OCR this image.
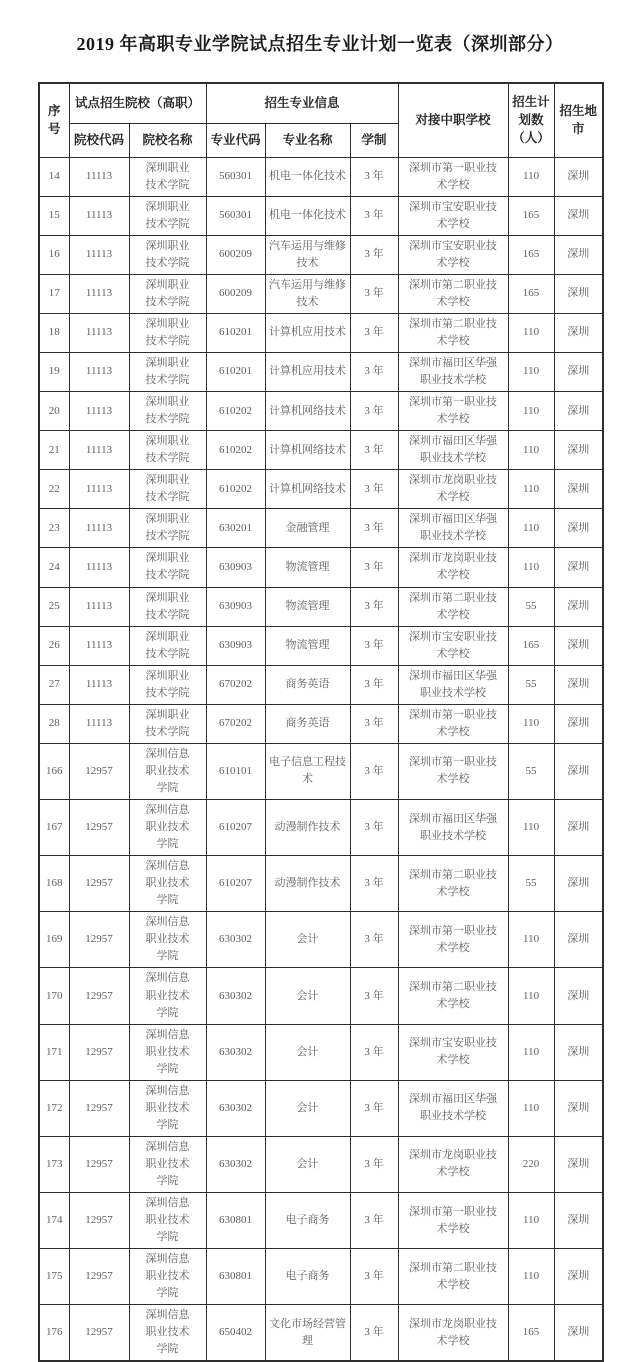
2019 年高职专业学院试点招生专业计划一览表（深圳部分）
序号	试点招生院校（高职）		招生专业信息			对接中职学校	招生计划数（人）	招生地市
	院校代码	院校名称	专业代码	专业名称	学制			
14	11113	深圳职业技术学院	560301	机电一体化技术	3 年	深圳市第一职业技术学校	110	深圳
15	11113	深圳职业技术学院	560301	机电一体化技术	3 年	深圳市宝安职业技术学校	165	深圳
16	11113	深圳职业技术学院	600209	汽车运用与维修技术	3 年	深圳市宝安职业技术学校	165	深圳
17	11113	深圳职业技术学院	600209	汽车运用与维修技术	3 年	深圳市第二职业技术学校	165	深圳
18	11113	深圳职业技术学院	610201	计算机应用技术	3 年	深圳市第二职业技术学校	110	深圳
19	11113	深圳职业技术学院	610201	计算机应用技术	3 年	深圳市福田区华强职业技术学校	110	深圳
20	11113	深圳职业技术学院	610202	计算机网络技术	3 年	深圳市第一职业技术学校	110	深圳
21	11113	深圳职业技术学院	610202	计算机网络技术	3 年	深圳市福田区华强职业技术学校	110	深圳
22	11113	深圳职业技术学院	610202	计算机网络技术	3 年	深圳市龙岗职业技术学校	110	深圳
23	11113	深圳职业技术学院	630201	金融管理	3 年	深圳市福田区华强职业技术学校	110	深圳
24	11113	深圳职业技术学院	630903	物流管理	3 年	深圳市龙岗职业技术学校	110	深圳
25	11113	深圳职业技术学院	630903	物流管理	3 年	深圳市第二职业技术学校	55	深圳
26	11113	深圳职业技术学院	630903	物流管理	3 年	深圳市宝安职业技术学校	165	深圳
27	11113	深圳职业技术学院	670202	商务英语	3 年	深圳市福田区华强职业技术学校	55	深圳
28	11113	深圳职业技术学院	670202	商务英语	3 年	深圳市第一职业技术学校	110	深圳
166	12957	深圳信息职业技术学院	610101	电子信息工程技术	3 年	深圳市第一职业技术学校	55	深圳
167	12957	深圳信息职业技术学院	610207	动漫制作技术	3 年	深圳市福田区华强职业技术学校	110	深圳
168	12957	深圳信息职业技术学院	610207	动漫制作技术	3 年	深圳市第二职业技术学校	55	深圳
169	12957	深圳信息职业技术学院	630302	会计	3 年	深圳市第一职业技术学校	110	深圳
170	12957	深圳信息职业技术学院	630302	会计	3 年	深圳市第二职业技术学校	110	深圳
171	12957	深圳信息职业技术学院	630302	会计	3 年	深圳市宝安职业技术学校	110	深圳
172	12957	深圳信息职业技术学院	630302	会计	3 年	深圳市福田区华强职业技术学校	110	深圳
173	12957	深圳信息职业技术学院	630302	会计	3 年	深圳市龙岗职业技术学校	220	深圳
174	12957	深圳信息职业技术学院	630801	电子商务	3 年	深圳市第一职业技术学校	110	深圳
175	12957	深圳信息职业技术学院	630801	电子商务	3 年	深圳市第二职业技术学校	110	深圳
176	12957	深圳信息职业技术学院	650402	文化市场经营管理	3 年	深圳市龙岗职业技术学校	165	深圳
